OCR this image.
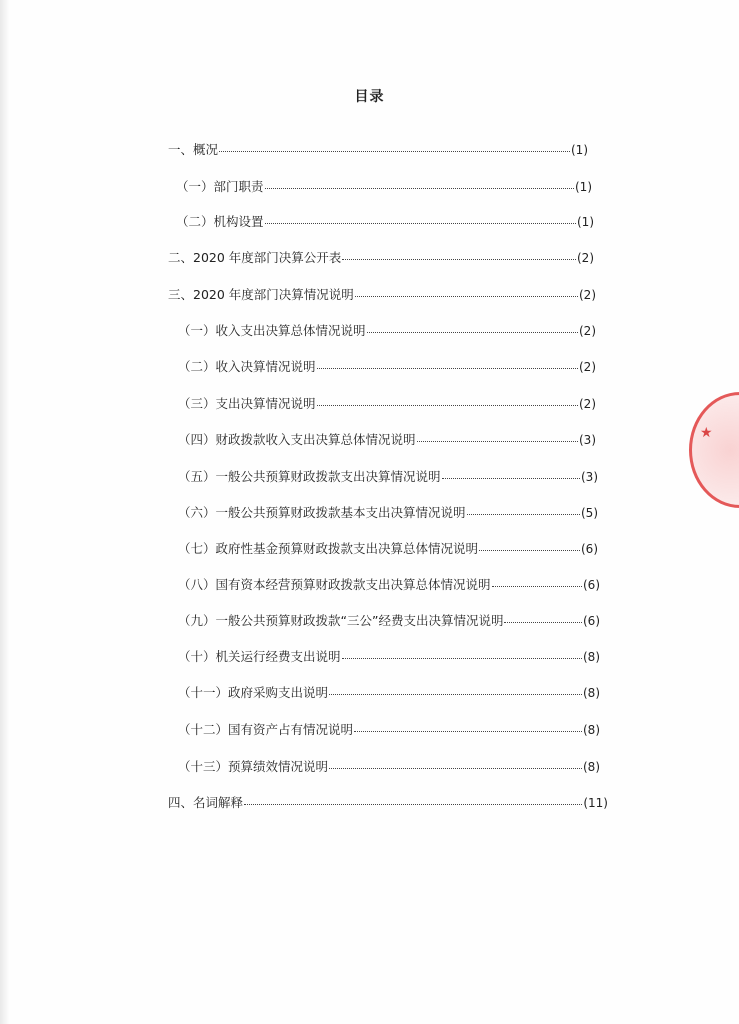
目录
一、概况	(1)
（一）部门职责	(1)
（二）机构设置	(1)
二、2020 年度部门决算公开表	(2)
三、2020 年度部门决算情况说明	(2)
（一）收入支出决算总体情况说明	(2)
（二）收入决算情况说明	(2)
（三）支出决算情况说明	(2)
（四）财政拨款收入支出决算总体情况说明	(3)
（五）一般公共预算财政拨款支出决算情况说明	(3)
（六）一般公共预算财政拨款基本支出决算情况说明	(5)
（七）政府性基金预算财政拨款支出决算总体情况说明	(6)
（八）国有资本经营预算财政拨款支出决算总体情况说明	(6)
（九）一般公共预算财政拨款“三公”经费支出决算情况说明	(6)
（十）机关运行经费支出说明	(8)
（十一）政府采购支出说明	(8)
（十二）国有资产占有情况说明	(8)
（十三）预算绩效情况说明	(8)
四、名词解释	(11)
★
